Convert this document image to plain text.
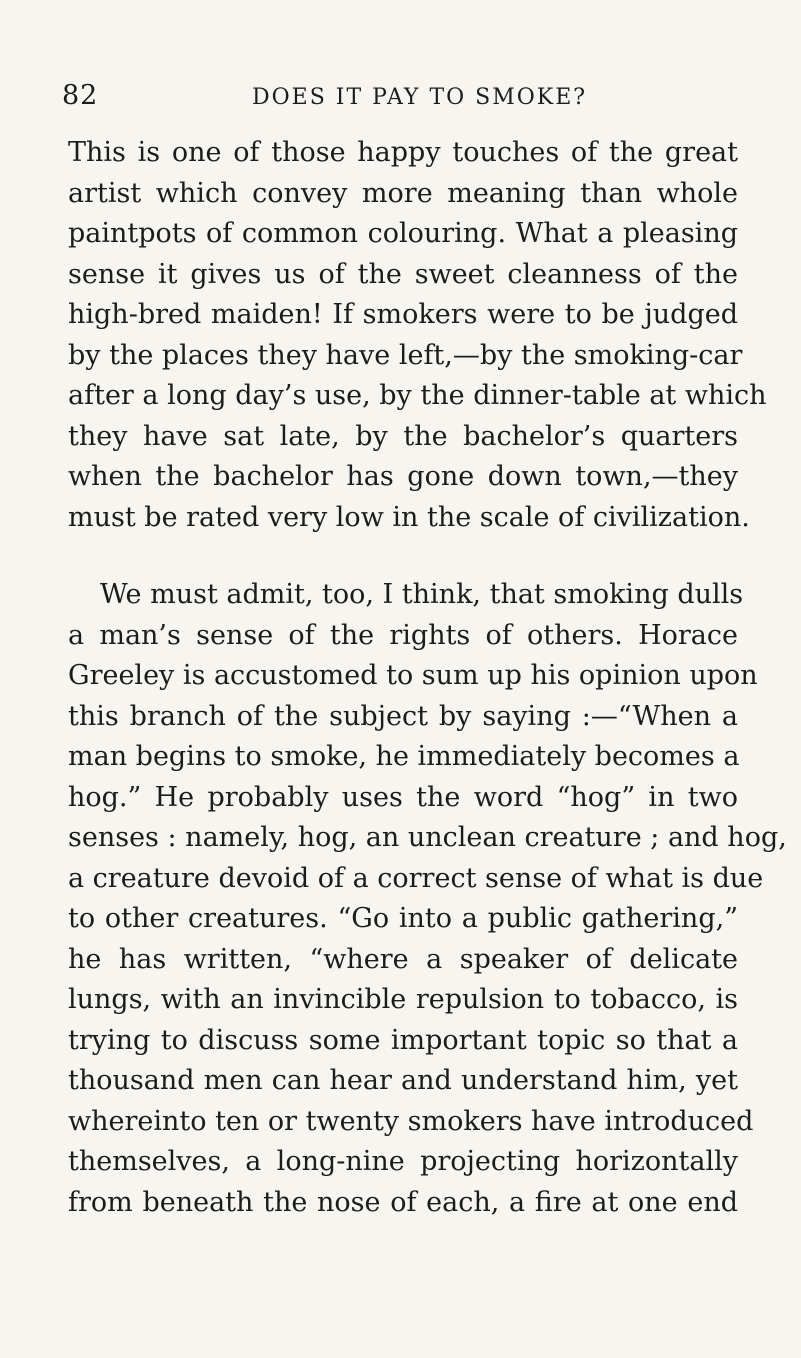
82	DOES IT PAY TO SMOKE?
This is one of those happy touches of the great
artist which convey more meaning than whole
paintpots of common colouring. What a pleasing
sense it gives us of the sweet cleanness of the
high-bred maiden! If smokers were to be judged
by the places they have left,—by the smoking-car
after a long day’s use, by the dinner-table at which
they have sat late, by the bachelor’s quarters
when the bachelor has gone down town,—they
must be rated very low in the scale of civilization.
We must admit, too, I think, that smoking dulls
a man’s sense of the rights of others. Horace
Greeley is accustomed to sum up his opinion upon
this branch of the subject by saying :—“When a
man begins to smoke, he immediately becomes a
hog.” He probably uses the word “hog” in two
senses : namely, hog, an unclean creature ; and hog,
a creature devoid of a correct sense of what is due
to other creatures. “Go into a public gathering,”
he has written, “where a speaker of delicate
lungs, with an invincible repulsion to tobacco, is
trying to discuss some important topic so that a
thousand men can hear and understand him, yet
whereinto ten or twenty smokers have introduced
themselves, a long-nine projecting horizontally
from beneath the nose of each, a fire at one end
